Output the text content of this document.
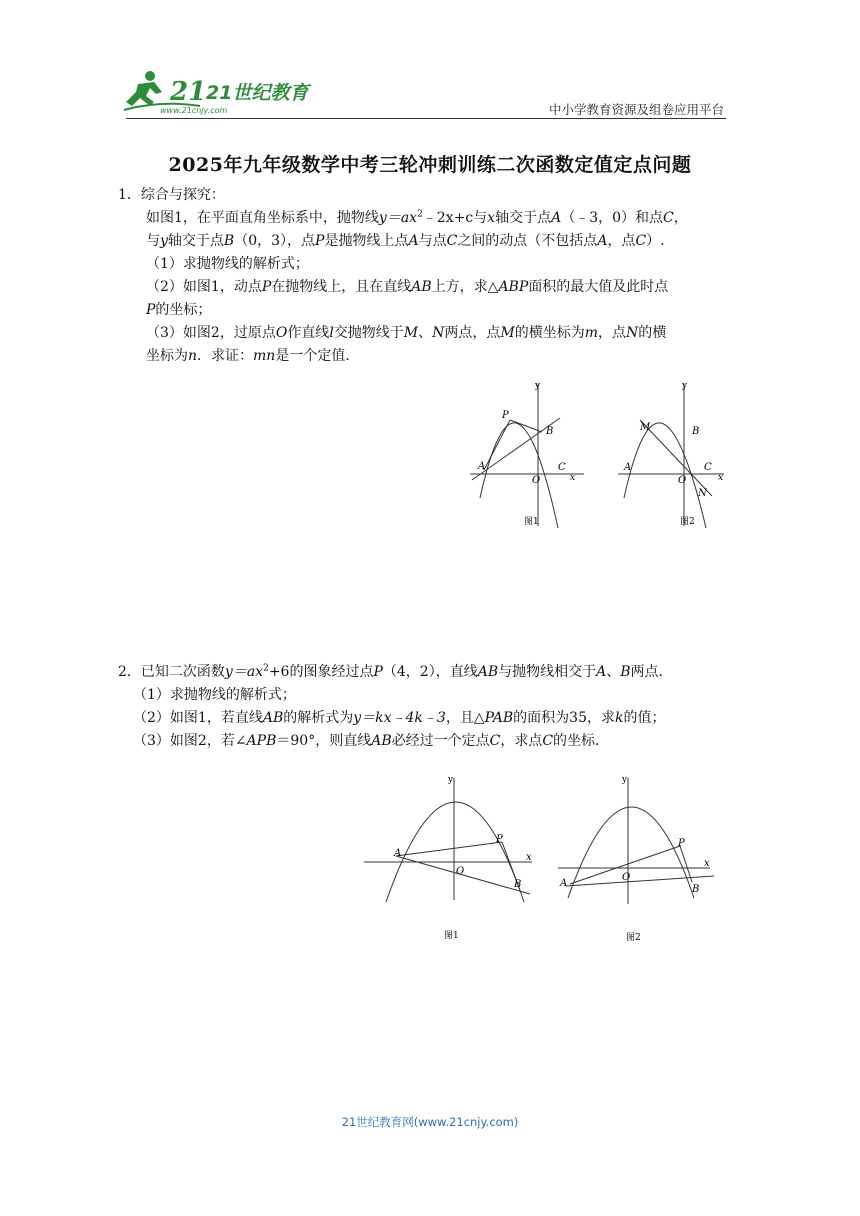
21 21世纪教育
www.21cnjy.com	中小学教育资源及组卷应用平台
2025年九年级数学中考三轮冲刺训练二次函数定值定点问题
1．综合与探究：
如图1，在平面直角坐标系中，抛物线$y=ax^2﹣2x+c$与x轴交于点A（﹣3，0）和点C，
与y轴交于点B（0，3），点P是抛物线上点A与点C之间的动点（不包括点A，点C）.
（1）求抛物线的解析式；
（2）如图1，动点P在抛物线上，且在直线AB上方，求△ABP面积的最大值及此时点
P的坐标；
（3）如图2，过原点O作直线l交抛物线于M、N两点，点M的横坐标为m，点N的横
坐标为n．求证：mn是一个定值．
y
x
P
B
A	C
O
图1
y
x
M	B
A	C
O
N
图2
2．已知二次函数$y=ax^2+6$的图象经过点P（4，2），直线AB与抛物线相交于A、B两点．
（1）求抛物线的解析式；
（2）如图1，若直线AB的解析式为y＝kx﹣4k﹣3，且△PAB的面积为35，求k的值；
（3）如图2，若∠APB＝90°，则直线AB必经过一个定点C，求点C的坐标．
y
x
A
O
P
B
图1
y
x
A
O
P
B
图2
21世纪教育网(www.21cnjy.com)
